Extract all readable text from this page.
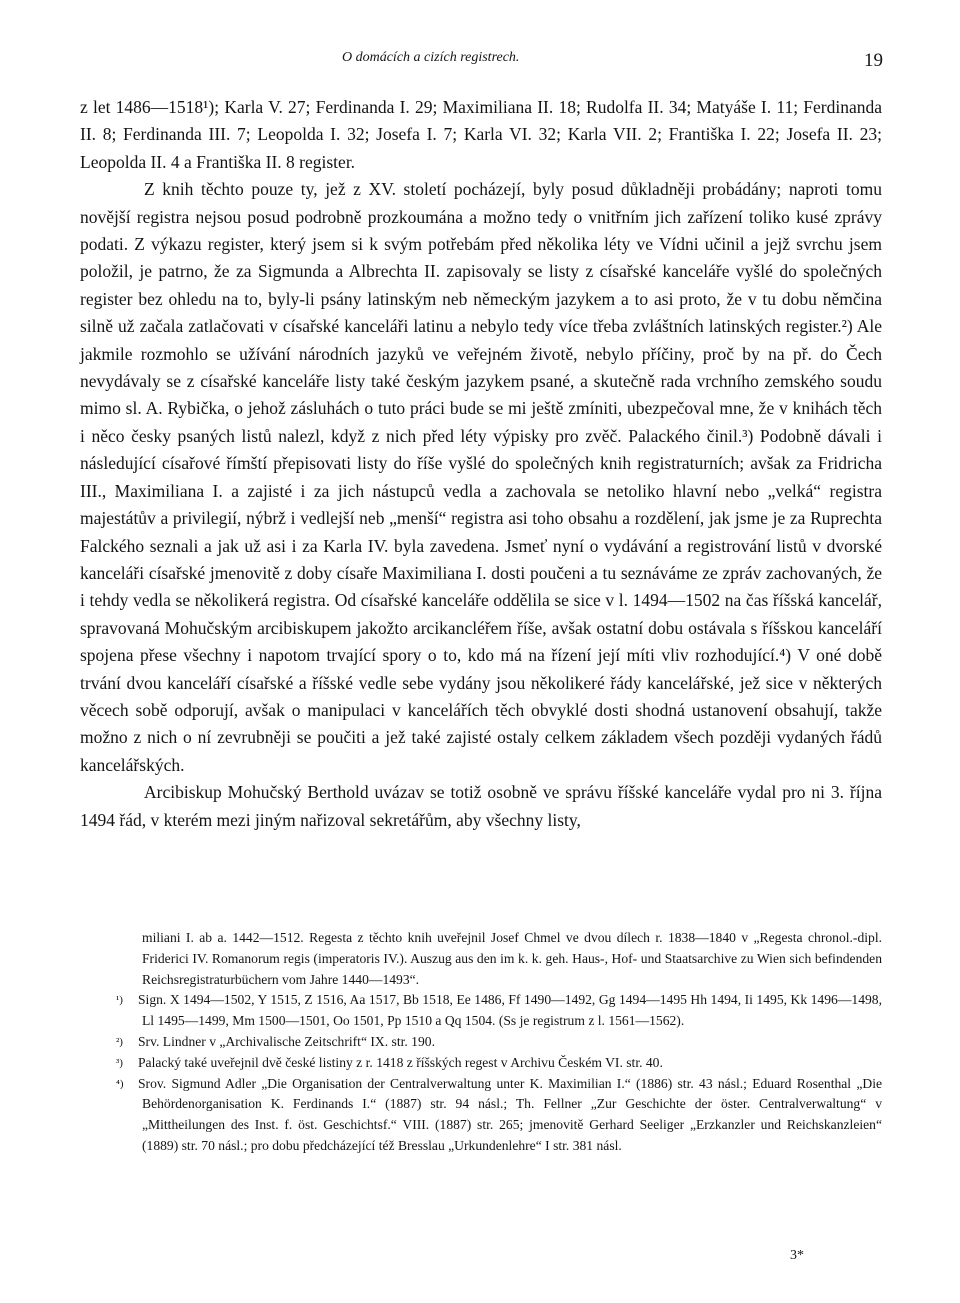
O domácích a cizích registrech.	19

z let 1486—1518¹); Karla V. 27; Ferdinanda I. 29; Maximiliana II. 18; Rudolfa II. 34; Matyáše I. 11; Ferdinanda II. 8; Ferdinanda III. 7; Leopolda I. 32; Josefa I. 7; Karla VI. 32; Karla VII. 2; Františka I. 22; Josefa II. 23; Leopolda II. 4 a Františka II. 8 register.

Z knih těchto pouze ty, jež z XV. století pocházejí, byly posud důkladněji probádány; naproti tomu novější registra nejsou posud podrobně prozkoumána a možno tedy o vnitřním jich zařízení toliko kusé zprávy podati. Z výkazu register, který jsem si k svým potřebám před několika léty ve Vídni učinil a jejž svrchu jsem položil, je patrno, že za Sigmunda a Albrechta II. zapisovaly se listy z císařské kanceláře vyšlé do společných register bez ohledu na to, byly-li psány latinským neb německým jazykem a to asi proto, že v tu dobu němčina silně už začala zatlačovati v císařské kanceláři latinu a nebylo tedy více třeba zvláštních latinských register.²) Ale jakmile rozmohlo se užívání národních jazyků ve veřejném životě, nebylo příčiny, proč by na př. do Čech nevydávaly se z císařské kanceláře listy také českým jazykem psané, a skutečně rada vrchního zemského soudu mimo sl. A. Rybička, o jehož zásluhách o tuto práci bude se mi ještě zmíniti, ubezpečoval mne, že v knihách těch i něco česky psaných listů nalezl, když z nich před léty výpisky pro zvěč. Palackého činil.³) Podobně dávali i následující císařové římští přepisovati listy do říše vyšlé do společných knih registraturních; avšak za Fridricha III., Maximiliana I. a zajisté i za jich nástupců vedla a zachovala se netoliko hlavní nebo „velká“ registra majestátův a privilegií, nýbrž i vedlejší neb „menší“ registra asi toho obsahu a rozdělení, jak jsme je za Ruprechta Falckého seznali a jak už asi i za Karla IV. byla zavedena. Jsmeť nyní o vydávání a registrování listů v dvorské kanceláři císařské jmenovitě z doby císaře Maximiliana I. dosti poučeni a tu seznáváme ze zpráv zachovaných, že i tehdy vedla se několikerá registra. Od císařské kanceláře oddělila se sice v l. 1494—1502 na čas říšská kancelář, spravovaná Mohučským arcibiskupem jakožto arcikancléřem říše, avšak ostatní dobu ostávala s říšskou kanceláří spojena přese všechny i napotom trvající spory o to, kdo má na řízení její míti vliv rozhodující.⁴) V oné době trvání dvou kanceláří císařské a říšské vedle sebe vydány jsou několikeré řády kancelářské, jež sice v některých věcech sobě odporují, avšak o manipulaci v kancelářích těch obvyklé dosti shodná ustanovení obsahují, takže možno z nich o ní zevrubněji se poučiti a jež také zajisté ostaly celkem základem všech později vydaných řádů kancelářských.

Arcibiskup Mohučský Berthold uvázav se totiž osobně ve správu říšské kanceláře vydal pro ni 3. října 1494 řád, v kterém mezi jiným nařizoval sekretářům, aby všechny listy,

miliani I. ab a. 1442—1512. Regesta z těchto knih uveřejnil Josef Chmel ve dvou dílech r. 1838—1840 v „Regesta chronol.-dipl. Friderici IV. Romanorum regis (imperatoris IV.). Auszug aus den im k. k. geh. Haus-, Hof- und Staatsarchive zu Wien sich befindenden Reichsregistraturbüchern vom Jahre 1440—1493“.

¹) Sign. X 1494—1502, Y 1515, Z 1516, Aa 1517, Bb 1518, Ee 1486, Ff 1490—1492, Gg 1494—1495 Hh 1494, Ii 1495, Kk 1496—1498, Ll 1495—1499, Mm 1500—1501, Oo 1501, Pp 1510 a Qq 1504. (Ss je registrum z l. 1561—1562).

²) Srv. Lindner v „Archivalische Zeitschrift“ IX. str. 190.

³) Palacký také uveřejnil dvě české listiny z r. 1418 z říšských regest v Archivu Českém VI. str. 40.

⁴) Srov. Sigmund Adler „Die Organisation der Centralverwaltung unter K. Maximilian I.“ (1886) str. 43 násl.; Eduard Rosenthal „Die Behördenorganisation K. Ferdinands I.“ (1887) str. 94 násl.; Th. Fellner „Zur Geschichte der öster. Centralverwaltung“ v „Mittheilungen des Inst. f. öst. Geschichtsf.“ VIII. (1887) str. 265; jmenovitě Gerhard Seeliger „Erzkanzler und Reichskanzleien“ (1889) str. 70 násl.; pro dobu předcházející též Bresslau „Urkundenlehre“ I str. 381 násl.

3*
